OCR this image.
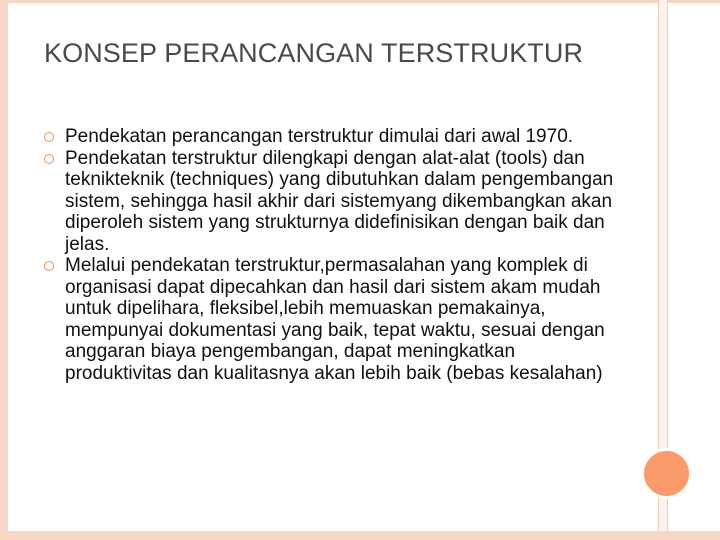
KONSEP PERANCANGAN TERSTRUKTUR
Pendekatan perancangan terstruktur dimulai dari awal 1970.
Pendekatan terstruktur dilengkapi dengan alat-alat (tools) dan teknikteknik (techniques) yang dibutuhkan dalam pengembangan sistem, sehingga hasil akhir dari sistemyang dikembangkan akan diperoleh sistem yang strukturnya didefinisikan dengan baik dan jelas.
Melalui pendekatan terstruktur,permasalahan yang komplek di organisasi dapat dipecahkan dan hasil dari sistem akam mudah untuk dipelihara, fleksibel,lebih memuaskan pemakainya, mempunyai dokumentasi yang baik, tepat waktu, sesuai dengan anggaran biaya pengembangan, dapat meningkatkan produktivitas dan kualitasnya akan lebih baik (bebas kesalahan)
